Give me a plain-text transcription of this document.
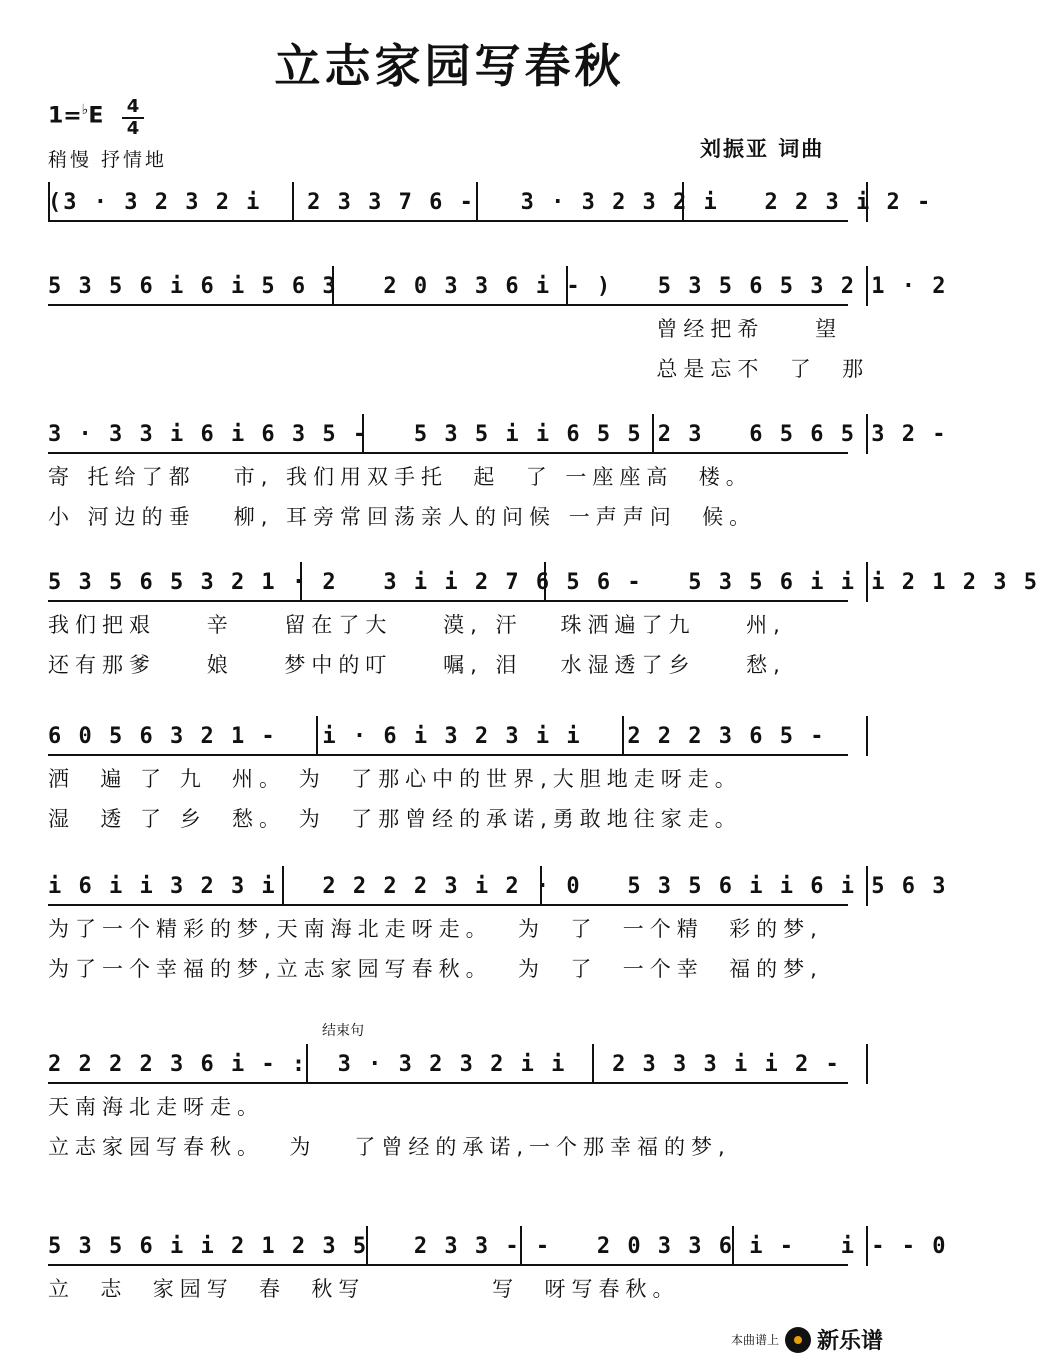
立志家园写春秋
1=♭E 4
4
稍慢 抒情地	刘振亚 词曲
(3 · 3 2 3 2 i   2 3 3 7 6 -   3 · 3 2 3 2 i   2 2 3 i 2 -
5 3 5 6 i 6 i 5 6 3   2 0 3 3 6 i - )   5 3 5 6 5 3 2 1 · 2
曾经把希    望
总是忘不  了  那
3 · 3 3 i 6 i 6 3 5 -   5 3 5 i i 6 5 5 2 3   6 5 6 5 3 2 -
寄 托给了都   市, 我们用双手托  起  了 一座座高  楼。
小 河边的垂   柳, 耳旁常回荡亲人的问候 一声声问  候。
5 3 5 6 5 3 2 1 · 2   3 i i 2 7 6 5 6 -   5 3 5 6 i i i 2 1 2 3 5
我们把艰    辛    留在了大    漠, 汗   珠洒遍了九    州,
还有那爹    娘    梦中的叮    嘱, 泪   水湿透了乡    愁,
6 0 5 6 3 2 1 -   i · 6 i 3 2 3 i i   2 2 2 3 6 5 -
洒  遍 了 九  州。 为  了那心中的世界,大胆地走呀走。
湿  透 了 乡  愁。 为  了那曾经的承诺,勇敢地往家走。
i 6 i i 3 2 3 i   2 2 2 2 3 i 2 · 0   5 3 5 6 i i 6 i 5 6 3
为了一个精彩的梦,天南海北走呀走。  为  了  一个精  彩的梦,
为了一个幸福的梦,立志家园写春秋。  为  了  一个幸  福的梦,
2 2 2 2 3 6 i - :  3 · 3 2 3 2 i i   2 3 3 3 i i 2 -
结束句
天南海北走呀走。
立志家园写春秋。  为   了曾经的承诺,一个那幸福的梦,
5 3 5 6 i i 2 1 2 3 5   2 3 3 - -   2 0 3 3 6 i -   i - - 0
立  志  家园写  春  秋写          写  呀写春秋。
本曲谱上 新乐谱
